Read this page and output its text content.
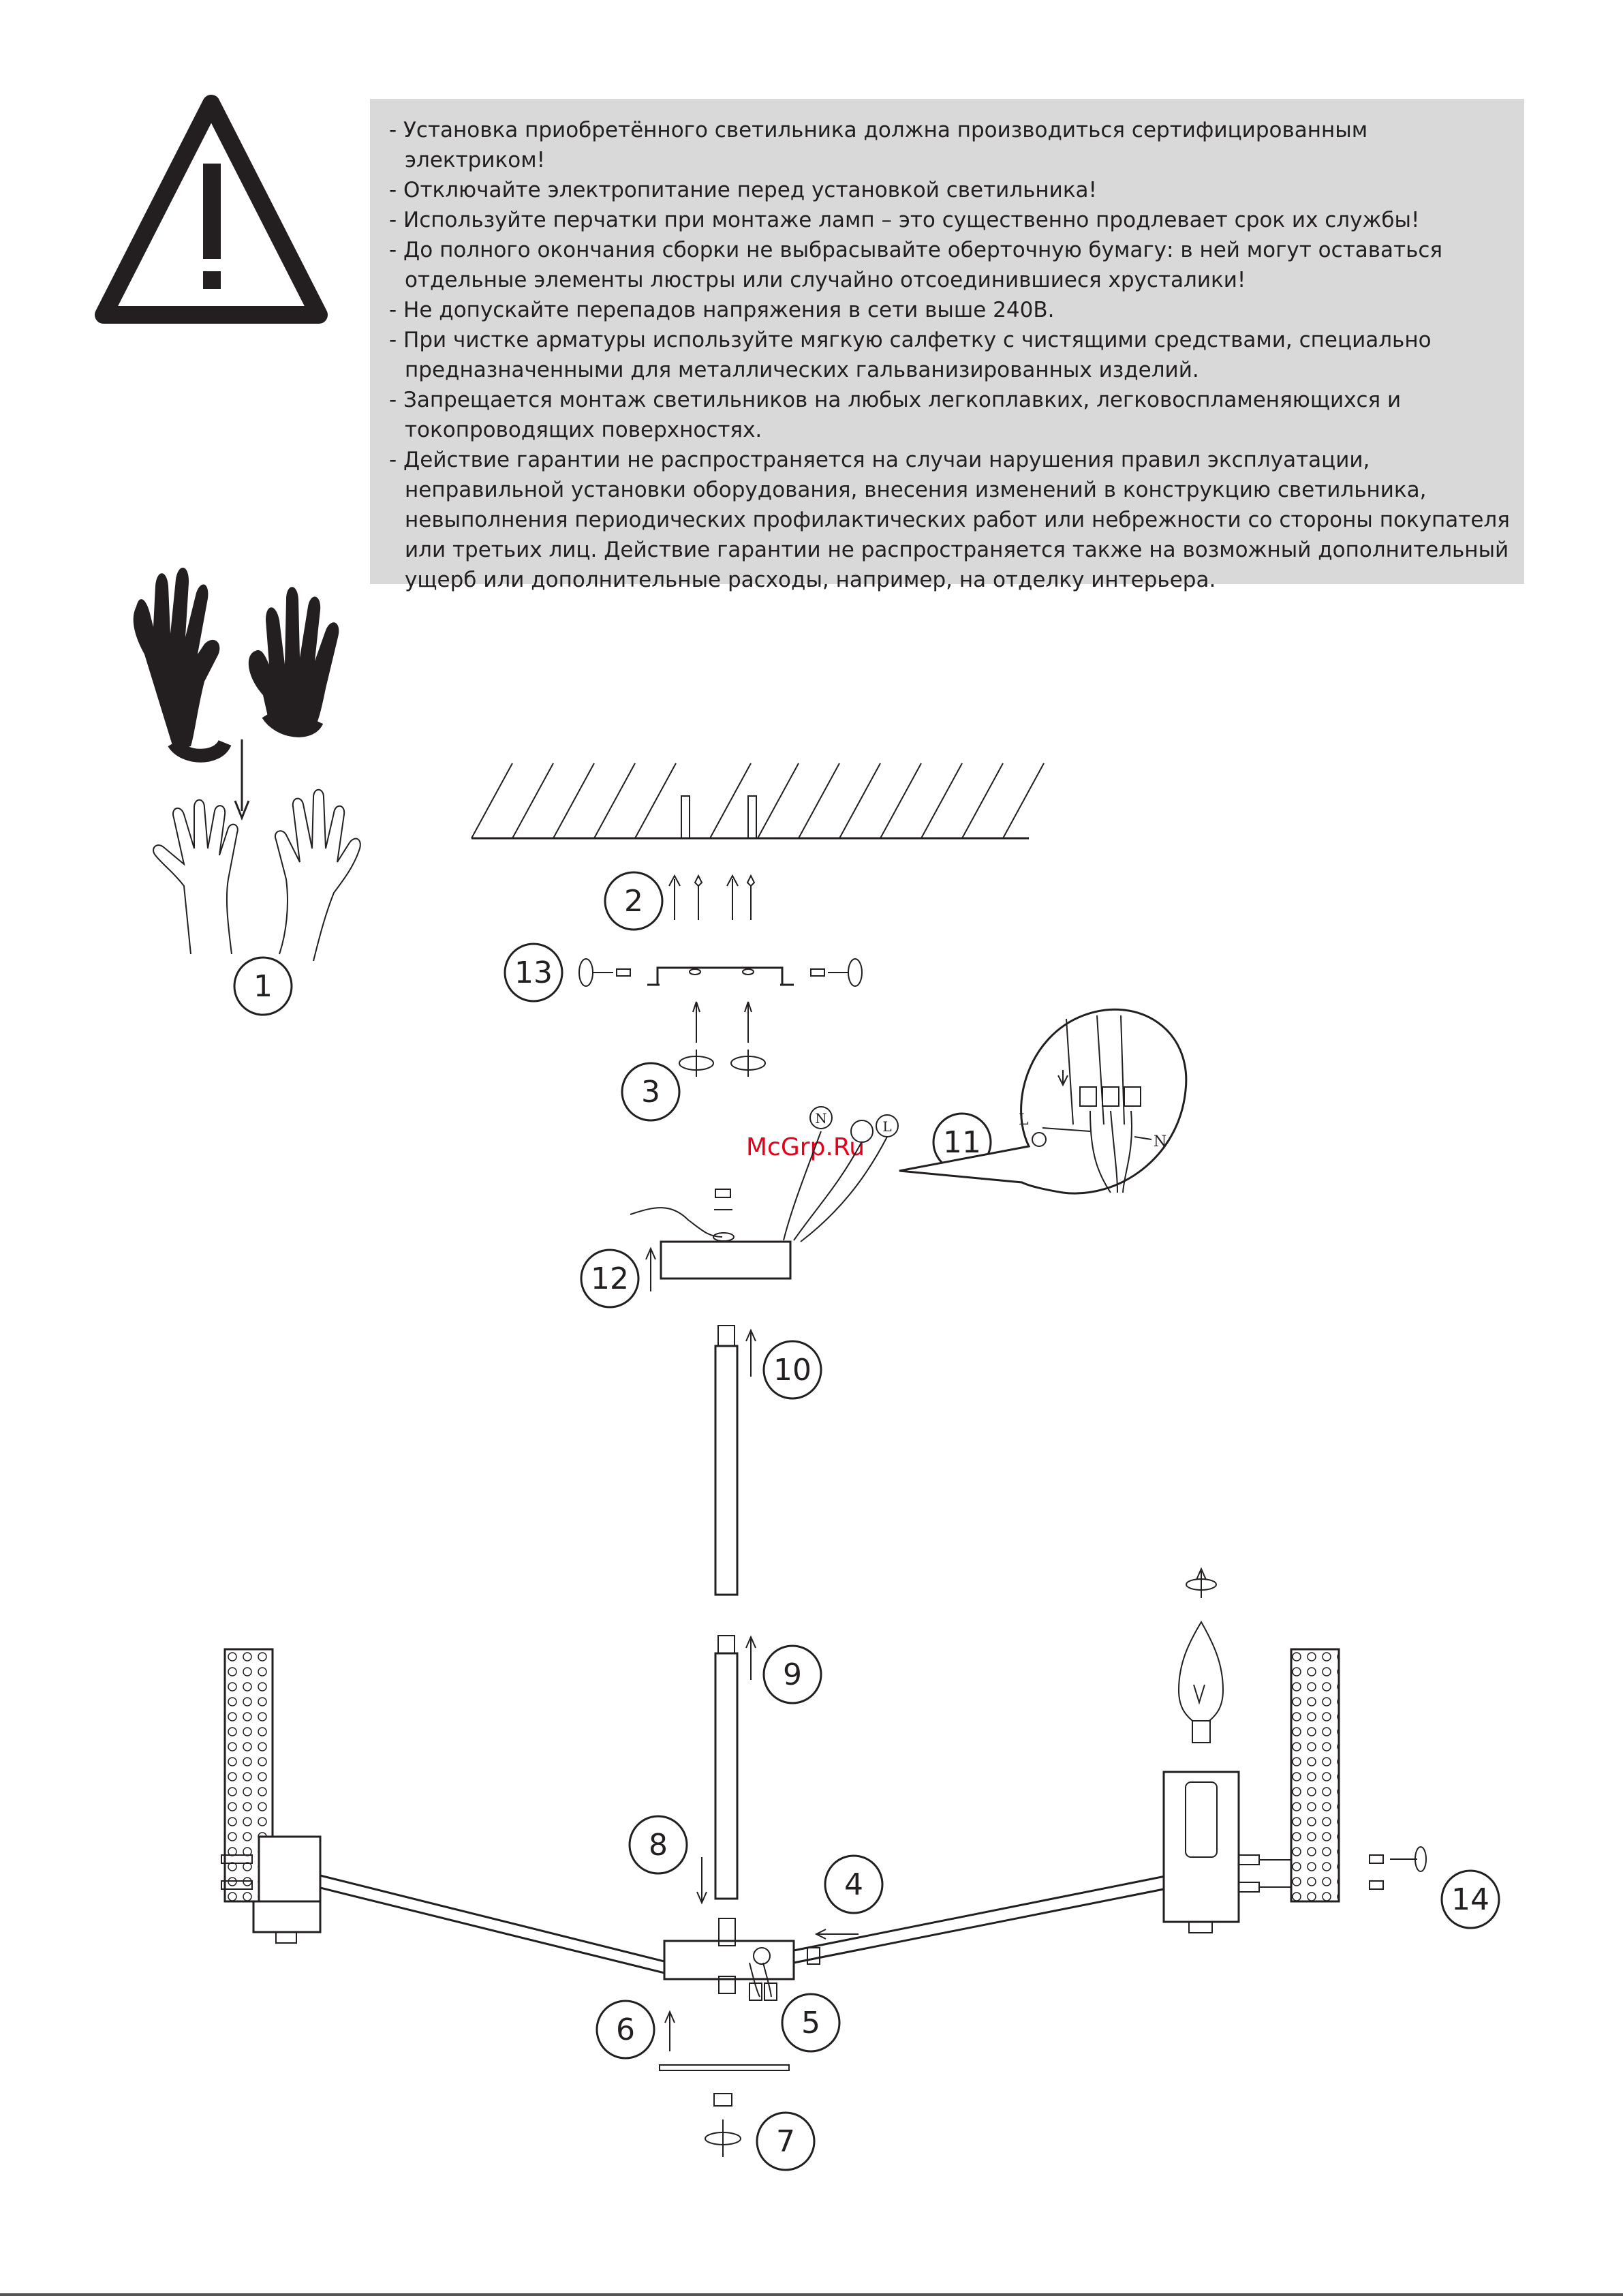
- Установка приобретённого светильника должна производиться сертифицированным электриком!
- Отключайте электропитание перед установкой светильника!
- Используйте перчатки при монтаже ламп – это существенно продлевает срок их службы!
- До полного окончания сборки не выбрасывайте оберточную бумагу: в ней могут оставаться отдельные элементы люстры или случайно отсоединившиеся хрусталики!
- Не допускайте перепадов напряжения в сети выше 240В.
- При чистке арматуры используйте мягкую салфетку с чистящими средствами, специально предназначенными для металлических гальванизированных изделий.
- Запрещается монтаж светильников на любых легкоплавких, легковоспламеняющихся и токопроводящих поверхностях.
- Действие гарантии не распространяется на случаи нарушения правил эксплуатации, неправильной установки оборудования, внесения изменений в конструкцию светильника, невыполнения периодических профилактических работ или небрежности со стороны покупателя или третьих лиц. Действие гарантии не распространяется также на возможный дополнительный ущерб или дополнительные расходы, например, на отделку интерьера.
1
2
13
3
11
L
N
N	L
McGrp.Ru
12
10
9
8
4
5
6
7
14
